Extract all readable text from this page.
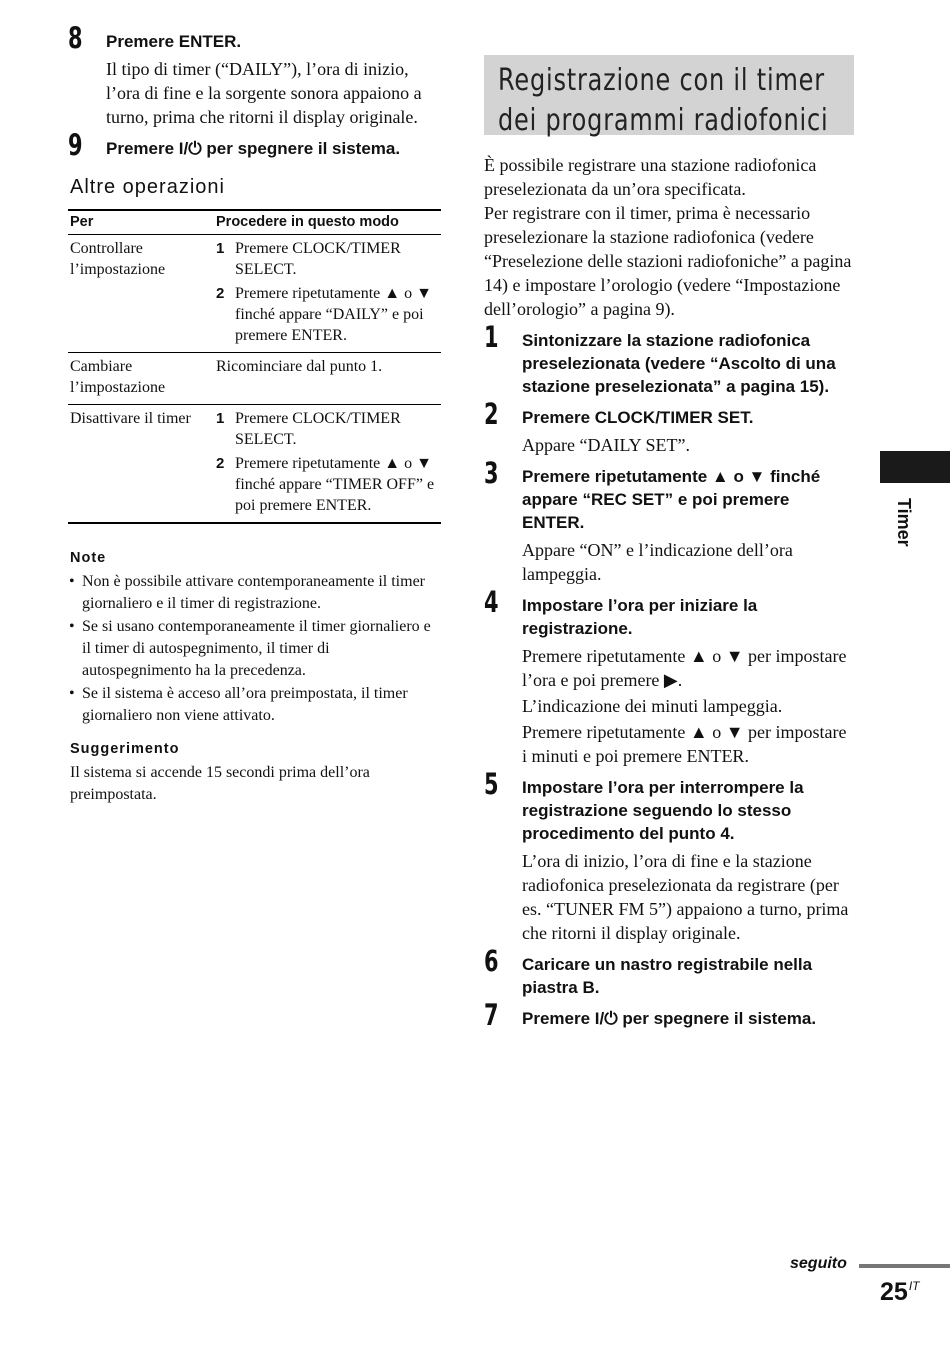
8 Premere ENTER.

Il tipo di timer (“DAILY”), l’ora di inizio, l’ora di fine e la sorgente sonora appaiono a turno, prima che ritorni il display originale.

9 Premere I/⏻ per spegnere il sistema.

Altre operazioni
Per	Procedere in questo modo
Controllare l’impostazione	1 Premere CLOCK/TIMER SELECT.
2 Premere ripetutamente ▲ o ▼ finché appare “DAILY” e poi premere ENTER.

Cambiare l’impostazione	Ricominciare dal punto 1.
Disattivare il timer	1 Premere CLOCK/TIMER SELECT.
2 Premere ripetutamente ▲ o ▼ finché appare “TIMER OFF” e poi premere ENTER.
Note
• Non è possibile attivare contemporaneamente il timer giornaliero e il timer di registrazione.
• Se si usano contemporaneamente il timer giornaliero e il timer di autospegnimento, il timer di autospegnimento ha la precedenza.
• Se il sistema è acceso all’ora preimpostata, il timer giornaliero non viene attivato.
Suggerimento

Il sistema si accende 15 secondi prima dell’ora preimpostata.

Registrazione con il timer
dei programmi radiofonici

È possibile registrare una stazione radiofonica preselezionata da un’ora specificata.

Per registrare con il timer, prima è necessario preselezionare la stazione radiofonica (vedere “Preselezione delle stazioni radiofoniche” a pagina 14) e impostare l’orologio (vedere “Impostazione dell’orologio” a pagina 9).

1 Sintonizzare la stazione radiofonica preselezionata (vedere “Ascolto di una stazione preselezionata” a pagina 15).

2 Premere CLOCK/TIMER SET.

Appare “DAILY SET”.

3 Premere ripetutamente ▲ o ▼ finché appare “REC SET” e poi premere ENTER.

Appare “ON” e l’indicazione dell’ora lampeggia.

4 Impostare l’ora per iniziare la registrazione.

Premere ripetutamente ▲ o ▼ per impostare l’ora e poi premere ▶.

L’indicazione dei minuti lampeggia.

Premere ripetutamente ▲ o ▼ per impostare i minuti e poi premere ENTER.

5 Impostare l’ora per interrompere la registrazione seguendo lo stesso procedimento del punto 4.

L’ora di inizio, l’ora di fine e la stazione radiofonica preselezionata da registrare (per es. “TUNER FM 5”) appaiono a turno, prima che ritorni il display originale.

6 Caricare un nastro registrabile nella piastra B.

7 Premere I/⏻ per spegnere il sistema.

Timer
seguito
$25^{IT}$
